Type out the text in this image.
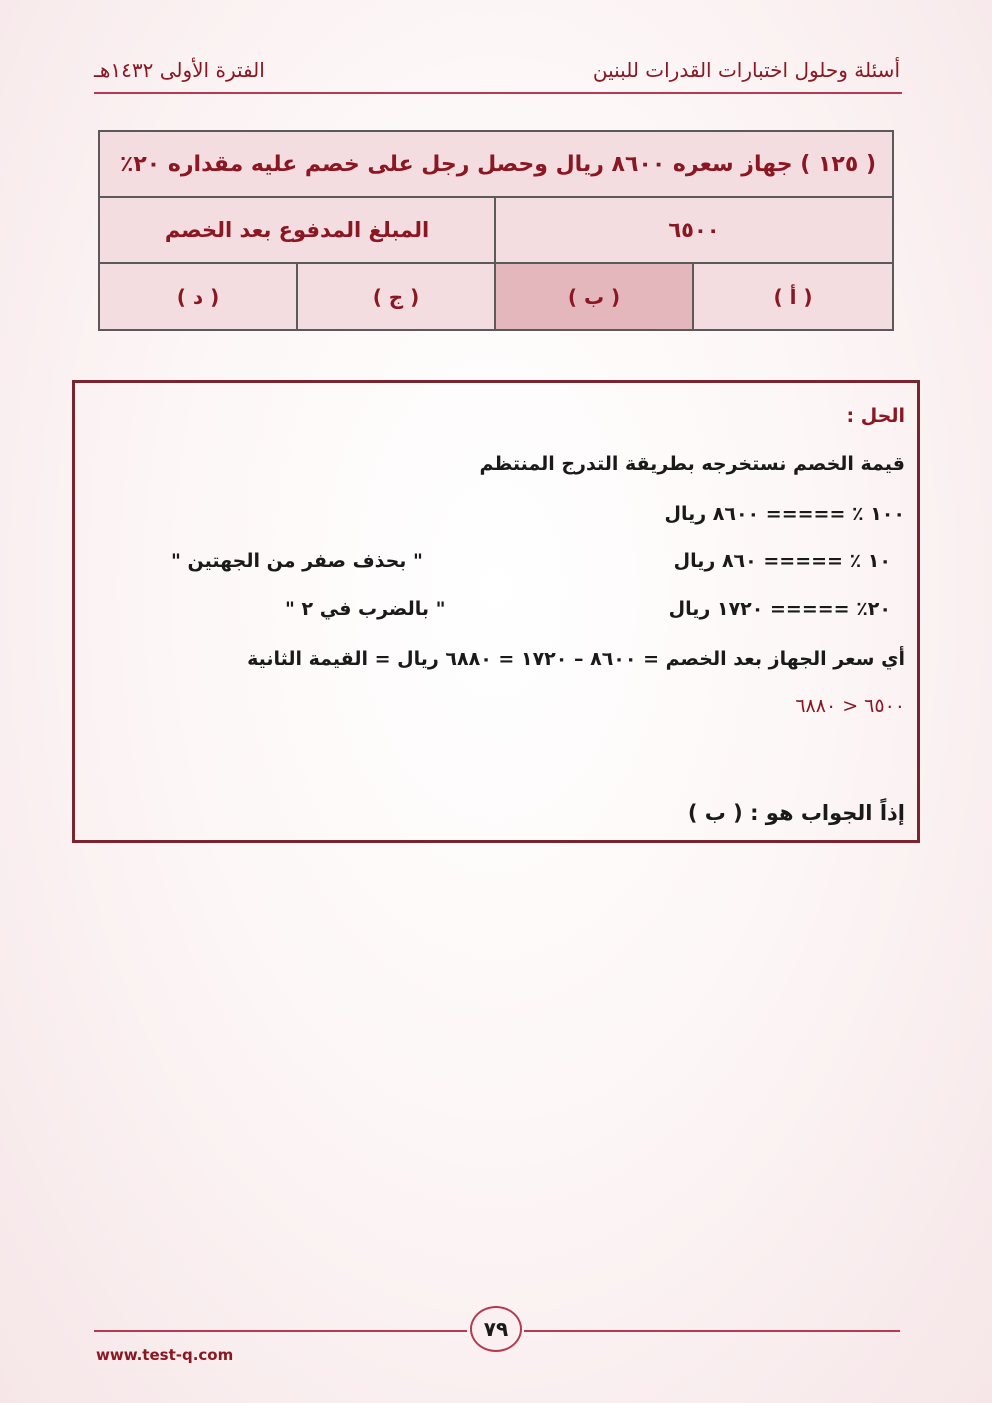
أسئلة وحلول اختبارات القدرات للبنين
الفترة الأولى ١٤٣٢هـ
( ١٢٥ ) جهاز سعره ٨٦٠٠ ريال وحصل رجل على خصم عليه مقداره ٢٠٪
٦٥٠٠
المبلغ المدفوع بعد الخصم
( أ )
( ب )
( ج )
( د )
الحل :
قيمة الخصم نستخرجه بطريقة التدرج المنتظم
١٠٠ ٪ ===== ٨٦٠٠ ريال
١٠ ٪ ===== ٨٦٠ ريال
" بحذف صفر من الجهتين "
٢٠٪ ===== ١٧٢٠ ريال
" بالضرب في ٢ "
أي سعر الجهاز بعد الخصم = ٨٦٠٠ – ١٧٢٠ = ٦٨٨٠ ريال = القيمة الثانية
٦٥٠٠ < ٦٨٨٠
إذاً الجواب هو : ( ب )
٧٩
www.test-q.com
